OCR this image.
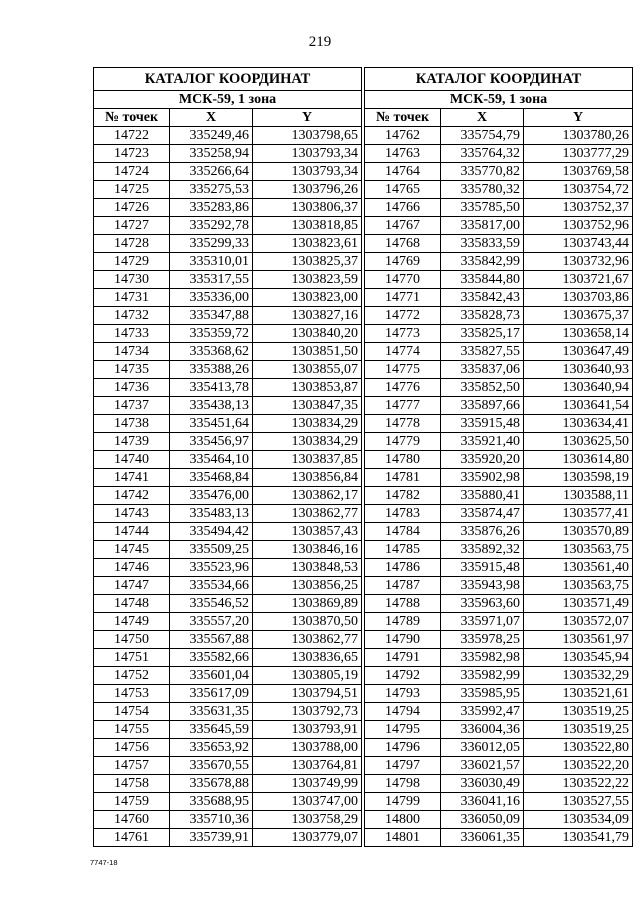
219
КАТАЛОГ КООРДИНАТ		
МСК-59, 1 зона		
№ точек	X	Y
14722	335249,46	1303798,65
14723	335258,94	1303793,34
14724	335266,64	1303793,34
14725	335275,53	1303796,26
14726	335283,86	1303806,37
14727	335292,78	1303818,85
14728	335299,33	1303823,61
14729	335310,01	1303825,37
14730	335317,55	1303823,59
14731	335336,00	1303823,00
14732	335347,88	1303827,16
14733	335359,72	1303840,20
14734	335368,62	1303851,50
14735	335388,26	1303855,07
14736	335413,78	1303853,87
14737	335438,13	1303847,35
14738	335451,64	1303834,29
14739	335456,97	1303834,29
14740	335464,10	1303837,85
14741	335468,84	1303856,84
14742	335476,00	1303862,17
14743	335483,13	1303862,77
14744	335494,42	1303857,43
14745	335509,25	1303846,16
14746	335523,96	1303848,53
14747	335534,66	1303856,25
14748	335546,52	1303869,89
14749	335557,20	1303870,50
14750	335567,88	1303862,77
14751	335582,66	1303836,65
14752	335601,04	1303805,19
14753	335617,09	1303794,51
14754	335631,35	1303792,73
14755	335645,59	1303793,91
14756	335653,92	1303788,00
14757	335670,55	1303764,81
14758	335678,88	1303749,99
14759	335688,95	1303747,00
14760	335710,36	1303758,29
14761	335739,91	1303779,07
КАТАЛОГ КООРДИНАТ		
МСК-59, 1 зона		
№ точек	X	Y
14762	335754,79	1303780,26
14763	335764,32	1303777,29
14764	335770,82	1303769,58
14765	335780,32	1303754,72
14766	335785,50	1303752,37
14767	335817,00	1303752,96
14768	335833,59	1303743,44
14769	335842,99	1303732,96
14770	335844,80	1303721,67
14771	335842,43	1303703,86
14772	335828,73	1303675,37
14773	335825,17	1303658,14
14774	335827,55	1303647,49
14775	335837,06	1303640,93
14776	335852,50	1303640,94
14777	335897,66	1303641,54
14778	335915,48	1303634,41
14779	335921,40	1303625,50
14780	335920,20	1303614,80
14781	335902,98	1303598,19
14782	335880,41	1303588,11
14783	335874,47	1303577,41
14784	335876,26	1303570,89
14785	335892,32	1303563,75
14786	335915,48	1303561,40
14787	335943,98	1303563,75
14788	335963,60	1303571,49
14789	335971,07	1303572,07
14790	335978,25	1303561,97
14791	335982,98	1303545,94
14792	335982,99	1303532,29
14793	335985,95	1303521,61
14794	335992,47	1303519,25
14795	336004,36	1303519,25
14796	336012,05	1303522,80
14797	336021,57	1303522,20
14798	336030,49	1303522,22
14799	336041,16	1303527,55
14800	336050,09	1303534,09
14801	336061,35	1303541,79
7747-18
